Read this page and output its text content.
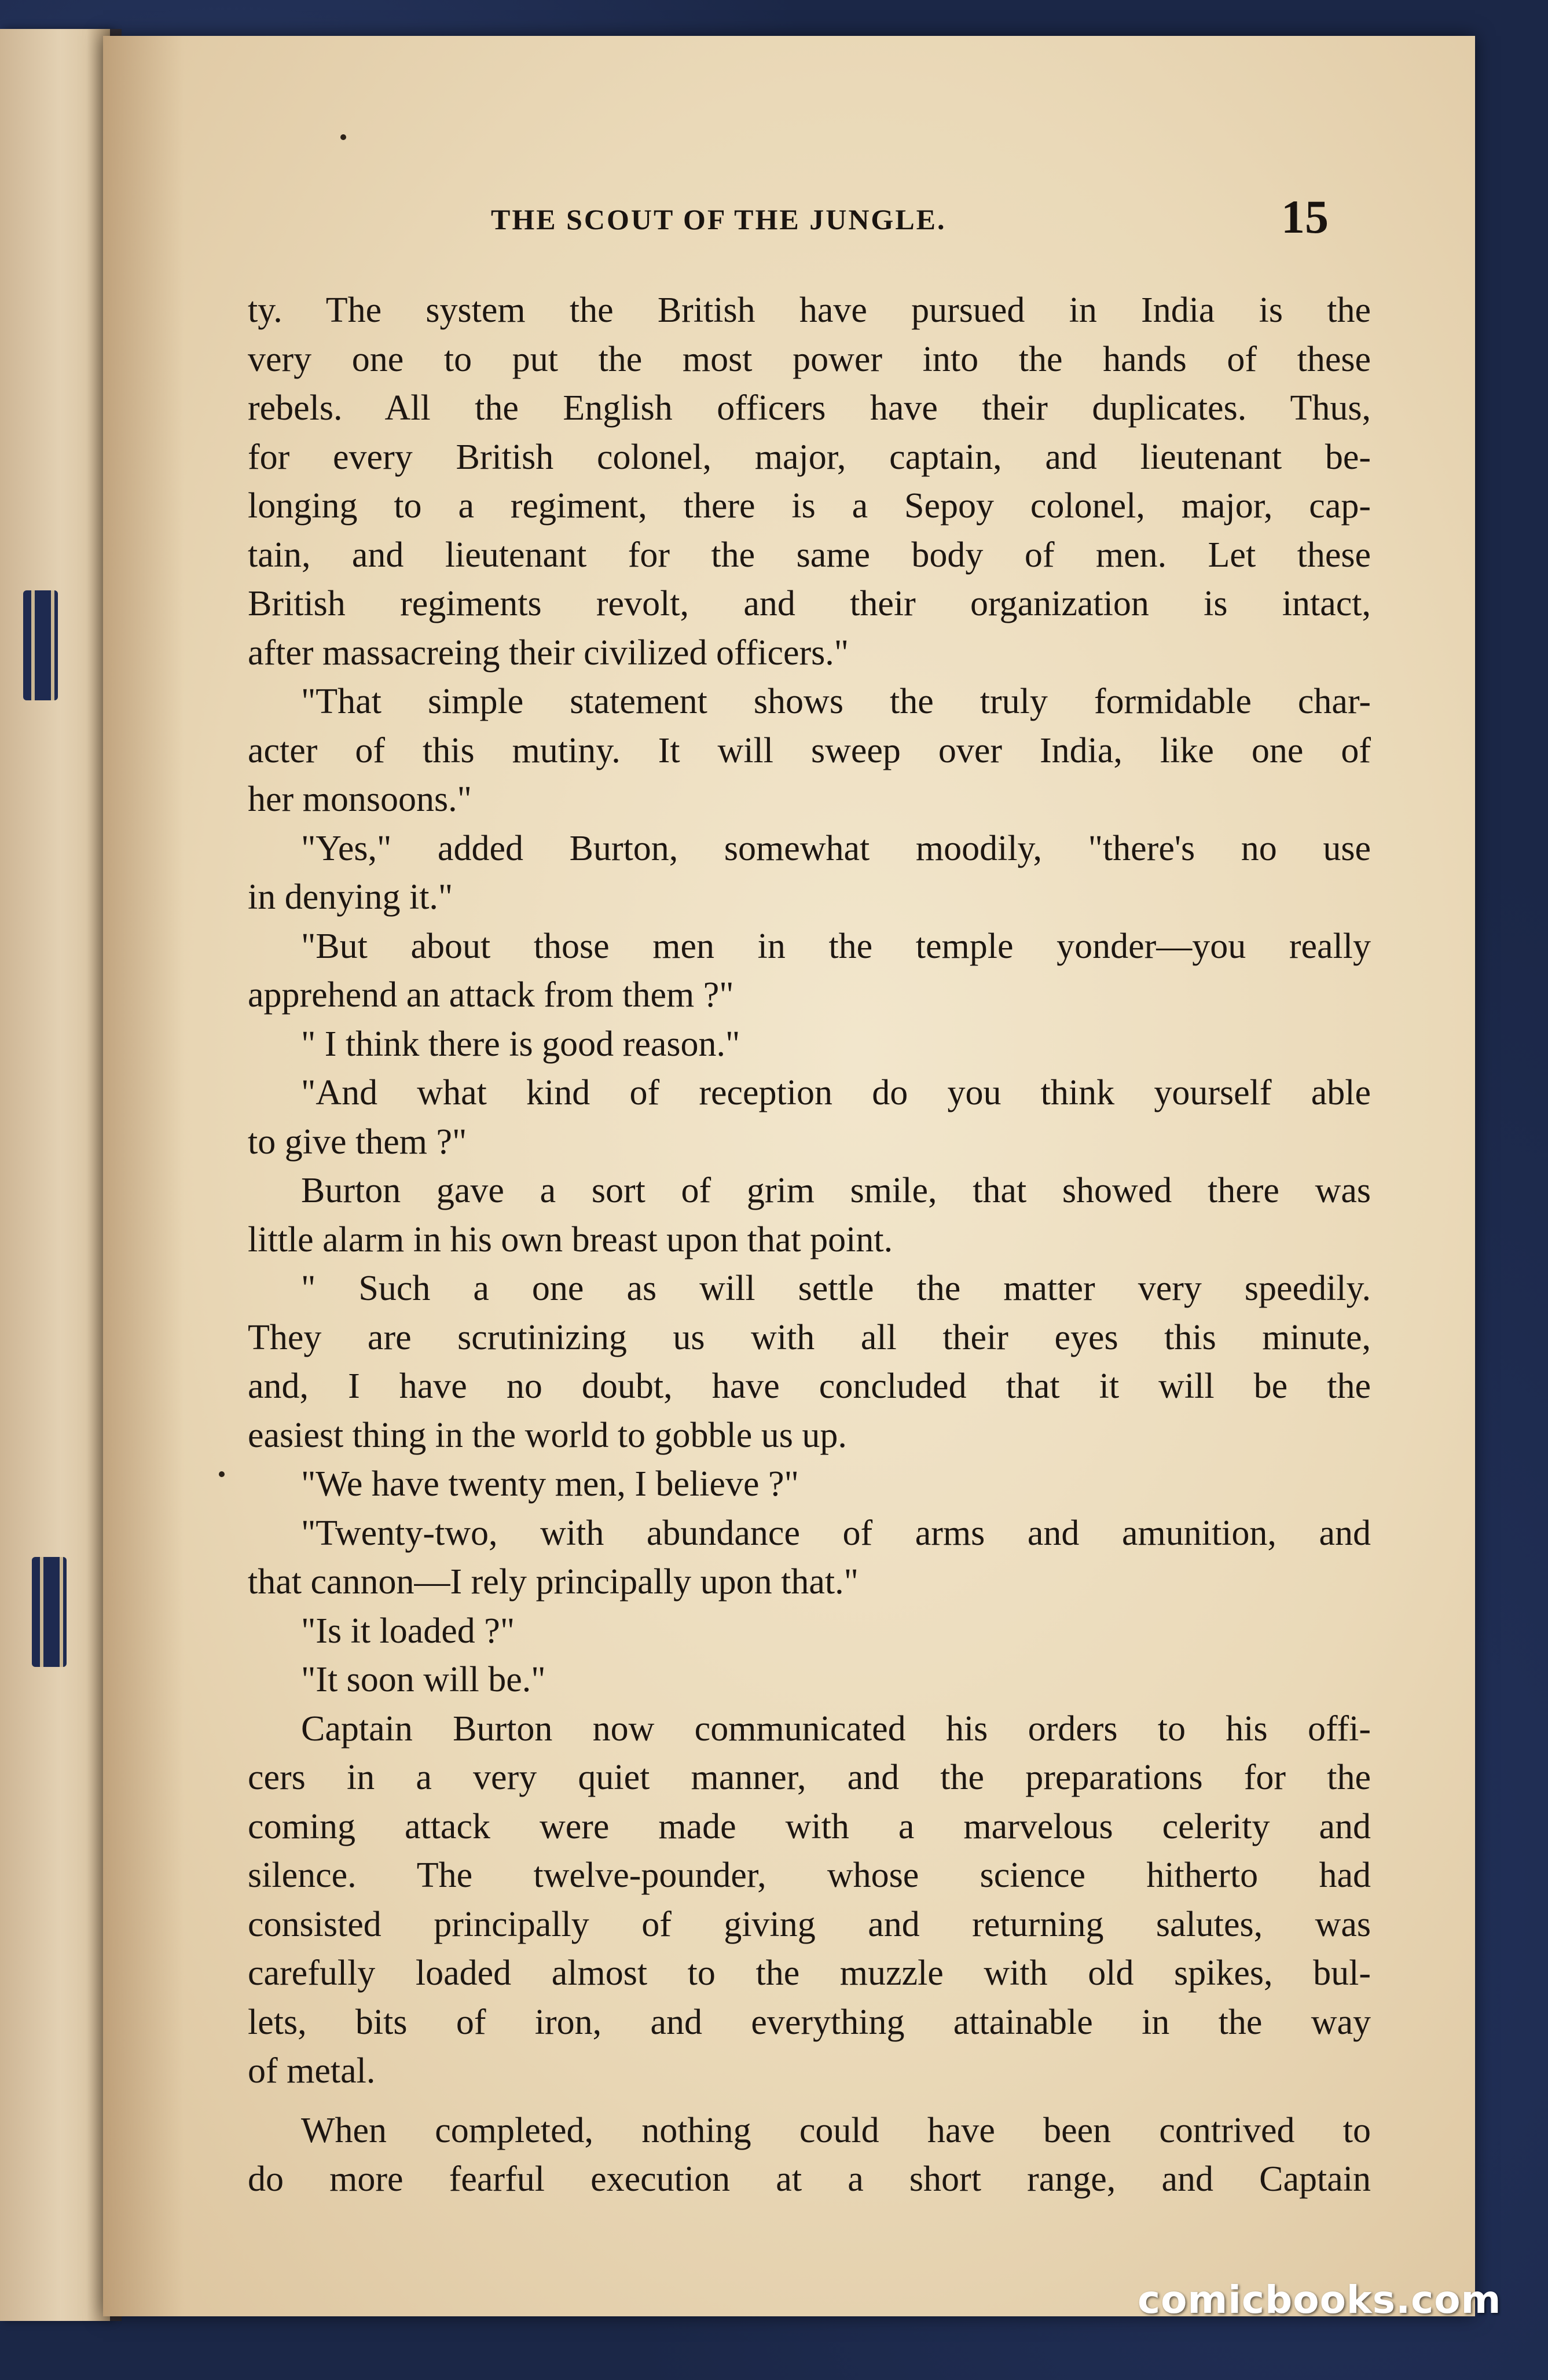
THE SCOUT OF THE JUNGLE.	15
ty. The system the British have pursued in India is the
very one to put the most power into the hands of these
rebels. All the English officers have their duplicates. Thus,
for every British colonel, major, captain, and lieutenant be-
longing to a regiment, there is a Sepoy colonel, major, cap-
tain, and lieutenant for the same body of men. Let these
British regiments revolt, and their organization is intact,
after massacreing their civilized officers."
"That simple statement shows the truly formidable char-
acter of this mutiny. It will sweep over India, like one of
her monsoons."
"Yes," added Burton, somewhat moodily, "there's no use
in denying it."
"But about those men in the temple yonder—you really
apprehend an attack from them ?"
" I think there is good reason."
"And what kind of reception do you think yourself able
to give them ?"
Burton gave a sort of grim smile, that showed there was
little alarm in his own breast upon that point.
" Such a one as will settle the matter very speedily.
They are scrutinizing us with all their eyes this minute,
and, I have no doubt, have concluded that it will be the
easiest thing in the world to gobble us up.
"We have twenty men, I believe ?"
"Twenty-two, with abundance of arms and amunition, and
that cannon—I rely principally upon that."
"Is it loaded ?"
"It soon will be."
Captain Burton now communicated his orders to his offi-
cers in a very quiet manner, and the preparations for the
coming attack were made with a marvelous celerity and
silence. The twelve-pounder, whose science hitherto had
consisted principally of giving and returning salutes, was
carefully loaded almost to the muzzle with old spikes, bul-
lets, bits of iron, and everything attainable in the way
of metal.
When completed, nothing could have been contrived to
do more fearful execution at a short range, and Captain
comicbooks.com
